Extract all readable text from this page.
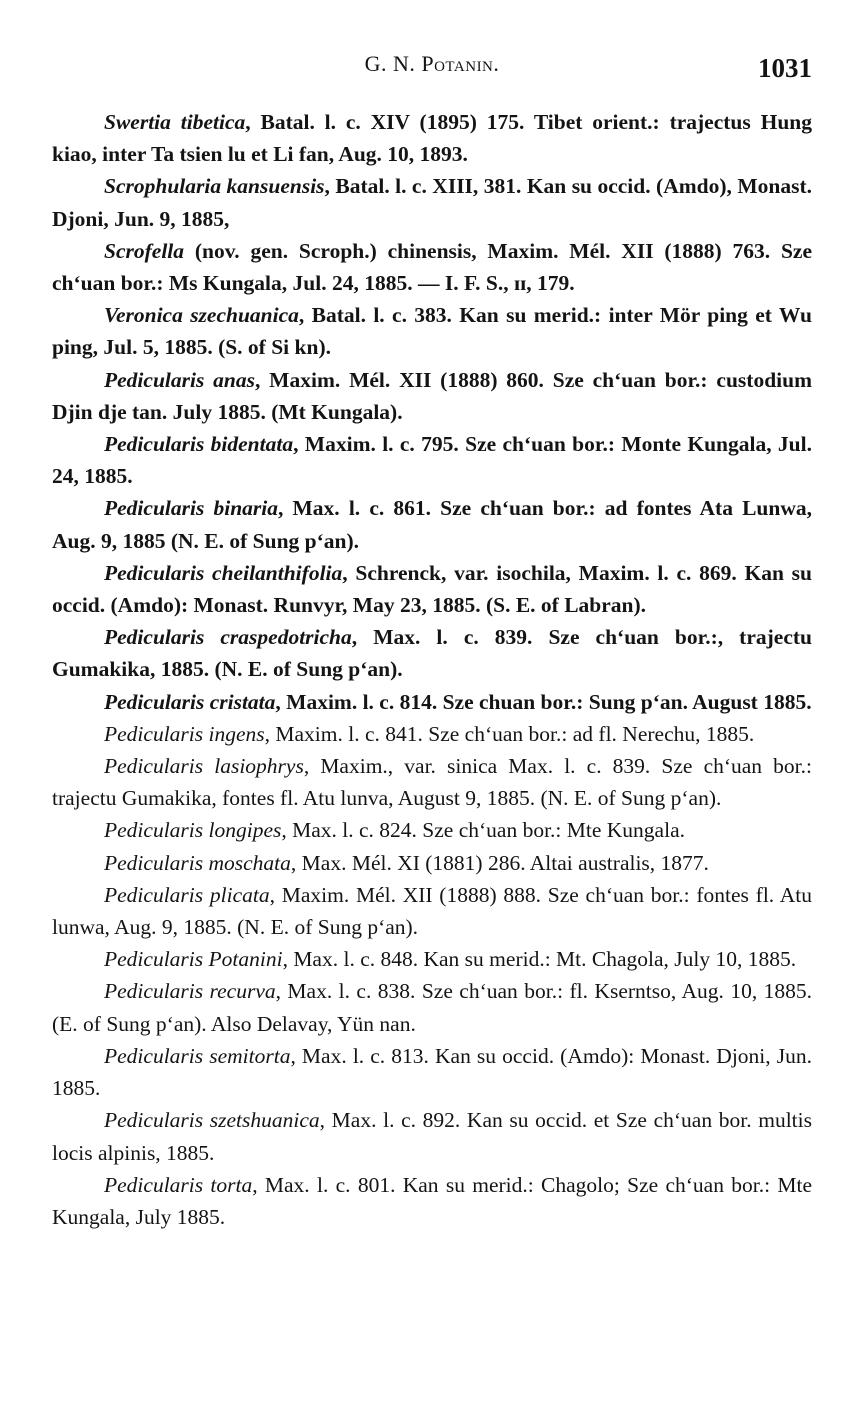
G. N. Potanin.	1031

Swertia tibetica, Batal. l. c. XIV (1895) 175. Tibet orient.: trajectus Hung kiao, inter Ta tsien lu et Li fan, Aug. 10, 1893.

Scrophularia kansuensis, Batal. l. c. XIII, 381. Kan su occid. (Amdo), Monast. Djoni, Jun. 9, 1885,

Scrofella (nov. gen. Scroph.) chinensis, Maxim. Mél. XII (1888) 763. Sze chʻuan bor.: Ms Kungala, Jul. 24, 1885. — I. F. S., ɪɪ, 179.

Veronica szechuanica, Batal. l. c. 383. Kan su merid.: inter Mör ping et Wu ping, Jul. 5, 1885. (S. of Si kn).

Pedicularis anas, Maxim. Mél. XII (1888) 860. Sze chʻuan bor.: custodium Djin dje tan. July 1885. (Mt Kungala).

Pedicularis bidentata, Maxim. l. c. 795. Sze chʻuan bor.: Monte Kungala, Jul. 24, 1885.

Pedicularis binaria, Max. l. c. 861. Sze chʻuan bor.: ad fontes Ata Lunwa, Aug. 9, 1885 (N. E. of Sung pʻan).

Pedicularis cheilanthifolia, Schrenck, var. isochila, Maxim. l. c. 869. Kan su occid. (Amdo): Monast. Runvyr, May 23, 1885. (S. E. of Labran).

Pedicularis craspedotricha, Max. l. c. 839. Sze chʻuan bor.:, trajectu Gumakika, 1885. (N. E. of Sung pʻan).

Pedicularis cristata, Maxim. l. c. 814. Sze chuan bor.: Sung pʻan. August 1885.

Pedicularis ingens, Maxim. l. c. 841. Sze chʻuan bor.: ad fl. Nerechu, 1885.

Pedicularis lasiophrys, Maxim., var. sinica Max. l. c. 839. Sze chʻuan bor.: trajectu Gumakika, fontes fl. Atu lunva, August 9, 1885. (N. E. of Sung pʻan).

Pedicularis longipes, Max. l. c. 824. Sze chʻuan bor.: Mte Kungala.

Pedicularis moschata, Max. Mél. XI (1881) 286. Altai australis, 1877.

Pedicularis plicata, Maxim. Mél. XII (1888) 888. Sze chʻuan bor.: fontes fl. Atu lunwa, Aug. 9, 1885. (N. E. of Sung pʻan).

Pedicularis Potanini, Max. l. c. 848. Kan su merid.: Mt. Chagola, July 10, 1885.

Pedicularis recurva, Max. l. c. 838. Sze chʻuan bor.: fl. Kserntso, Aug. 10, 1885. (E. of Sung pʻan). Also Delavay, Yün nan.

Pedicularis semitorta, Max. l. c. 813. Kan su occid. (Amdo): Monast. Djoni, Jun. 1885.

Pedicularis szetshuanica, Max. l. c. 892. Kan su occid. et Sze chʻuan bor. multis locis alpinis, 1885.

Pedicularis torta, Max. l. c. 801. Kan su merid.: Chagolo; Sze chʻuan bor.: Mte Kungala, July 1885.
